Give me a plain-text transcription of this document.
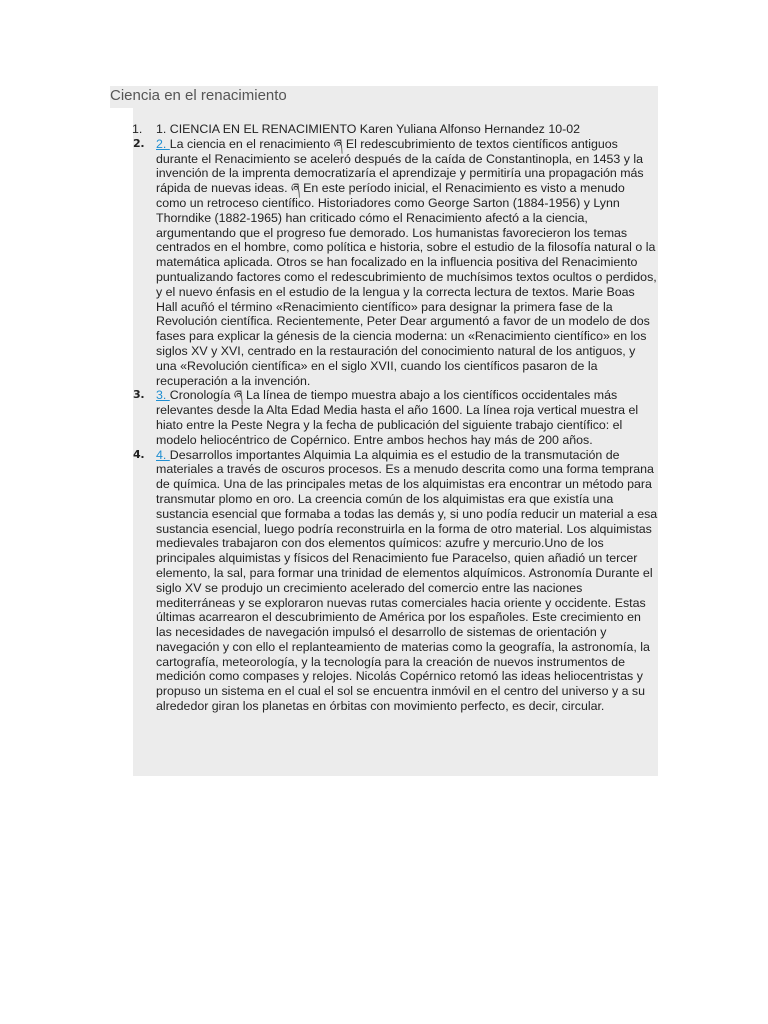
Ciencia en el renacimiento
1. 1. CIENCIA EN EL RENACIMIENTO Karen Yuliana Alfonso Hernandez 10-02
2. 2. La ciencia en el renacimiento ཞ El redescubrimiento de textos científicos antiguos durante el Renacimiento se aceleró después de la caída de Constantinopla, en 1453 y la invención de la imprenta democratizaría el aprendizaje y permitiría una propagación más rápida de nuevas ideas. ཞ En este período inicial, el Renacimiento es visto a menudo como un retroceso científico. Historiadores como George Sarton (1884-1956) y Lynn Thorndike (1882-1965) han criticado cómo el Renacimiento afectó a la ciencia, argumentando que el progreso fue demorado. Los humanistas favorecieron los temas centrados en el hombre, como política e historia, sobre el estudio de la filosofía natural o la matemática aplicada. Otros se han focalizado en la influencia positiva del Renacimiento puntualizando factores como el redescubrimiento de muchísimos textos ocultos o perdidos, y el nuevo énfasis en el estudio de la lengua y la correcta lectura de textos. Marie Boas Hall acuñó el término «Renacimiento científico» para designar la primera fase de la Revolución científica. Recientemente, Peter Dear argumentó a favor de un modelo de dos fases para explicar la génesis de la ciencia moderna: un «Renacimiento científico» en los siglos XV y XVI, centrado en la restauración del conocimiento natural de los antiguos, y una «Revolución científica» en el siglo XVII, cuando los científicos pasaron de la recuperación a la invención.
3. 3. Cronología ཞ La línea de tiempo muestra abajo a los científicos occidentales más relevantes desde la Alta Edad Media hasta el año 1600. La línea roja vertical muestra el hiato entre la Peste Negra y la fecha de publicación del siguiente trabajo científico: el modelo heliocéntrico de Copérnico. Entre ambos hechos hay más de 200 años.
4. 4. Desarrollos importantes Alquimia La alquimia es el estudio de la transmutación de materiales a través de oscuros procesos. Es a menudo descrita como una forma temprana de química. Una de las principales metas de los alquimistas era encontrar un método para transmutar plomo en oro. La creencia común de los alquimistas era que existía una sustancia esencial que formaba a todas las demás y, si uno podía reducir un material a esa sustancia esencial, luego podría reconstruirla en la forma de otro material. Los alquimistas medievales trabajaron con dos elementos químicos: azufre y mercurio.Uno de los principales alquimistas y físicos del Renacimiento fue Paracelso, quien añadió un tercer elemento, la sal, para formar una trinidad de elementos alquímicos. Astronomía Durante el siglo XV se produjo un crecimiento acelerado del comercio entre las naciones mediterráneas y se exploraron nuevas rutas comerciales hacia oriente y occidente. Estas últimas acarrearon el descubrimiento de América por los españoles. Este crecimiento en las necesidades de navegación impulsó el desarrollo de sistemas de orientación y navegación y con ello el replanteamiento de materias como la geografía, la astronomía, la cartografía, meteorología, y la tecnología para la creación de nuevos instrumentos de medición como compases y relojes. Nicolás Copérnico retomó las ideas heliocentristas y propuso un sistema en el cual el sol se encuentra inmóvil en el centro del universo y a su alrededor giran los planetas en órbitas con movimiento perfecto, es decir, circular.
